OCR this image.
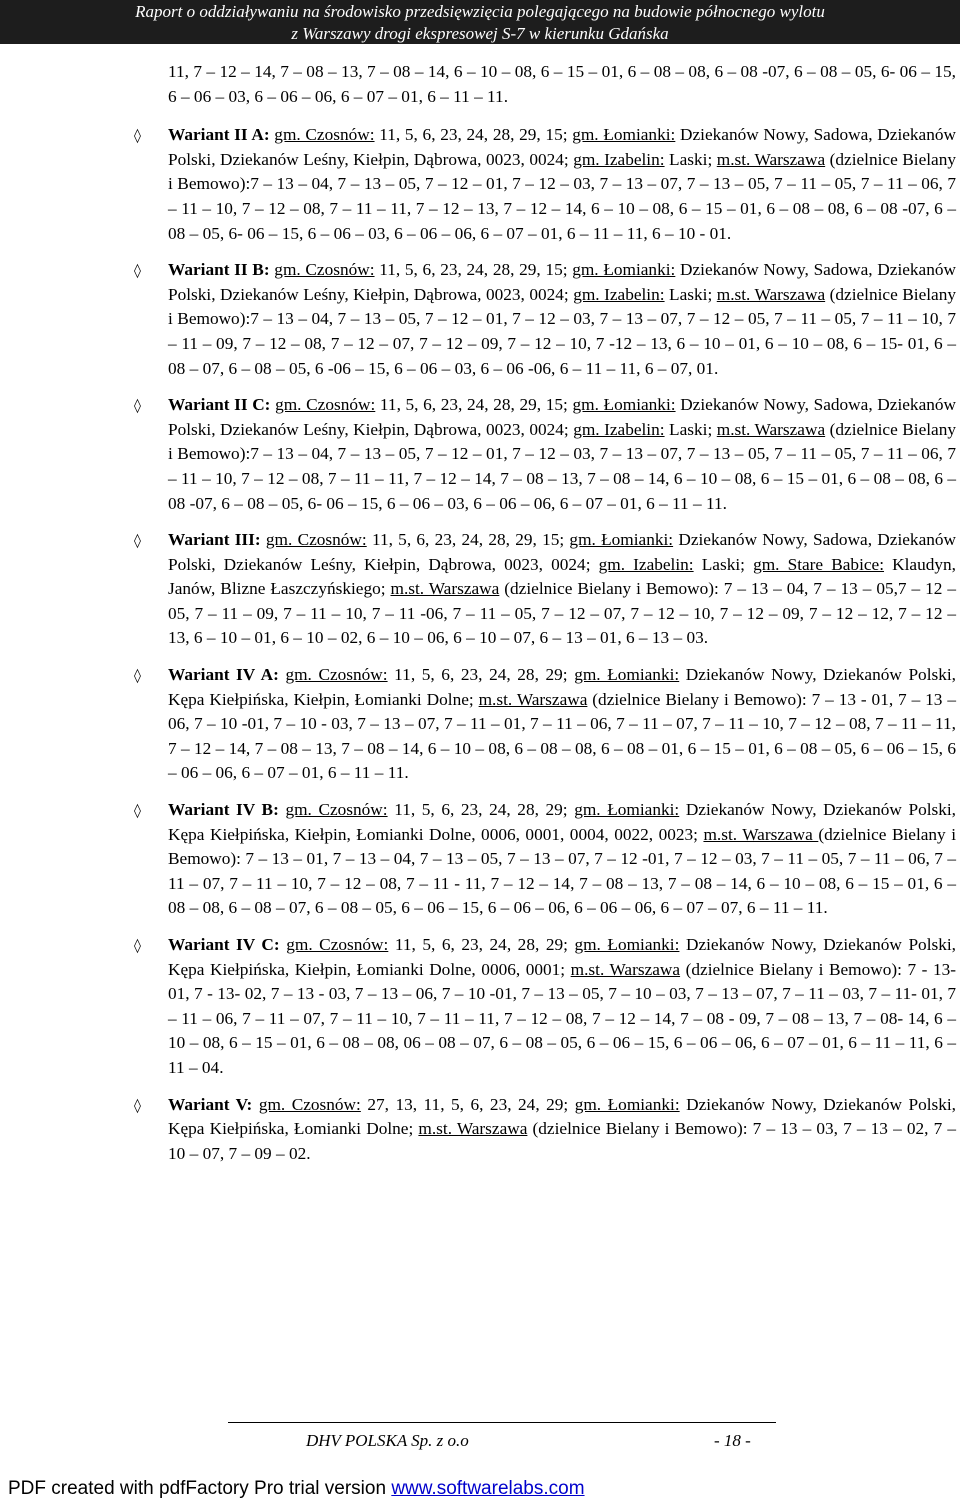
Raport o oddziaływaniu na środowisko przedsięwzięcia polegającego na budowie północnego wylotu
z Warszawy drogi ekspresowej S-7 w kierunku Gdańska

11, 7 – 12 – 14, 7 – 08 – 13, 7 – 08 – 14, 6 – 10 – 08, 6 – 15 – 01, 6 – 08 – 08, 6 – 08 -07, 6 – 08 – 05, 6- 06 – 15, 6 – 06 – 03, 6 – 06 – 06, 6 – 07 – 01, 6 – 11 – 11.

◊ Wariant II A: gm. Czosnów: 11, 5, 6, 23, 24, 28, 29, 15; gm. Łomianki: Dziekanów Nowy, Sadowa, Dziekanów Polski, Dziekanów Leśny, Kiełpin, Dąbrowa, 0023, 0024; gm. Izabelin: Laski; m.st. Warszawa (dzielnice Bielany i Bemowo):7 – 13 – 04, 7 – 13 – 05, 7 – 12 – 01, 7 – 12 – 03, 7 – 13 – 07, 7 – 13 – 05, 7 – 11 – 05, 7 – 11 – 06, 7 – 11 – 10, 7 – 12 – 08, 7 – 11 – 11, 7 – 12 – 13, 7 – 12 – 14, 6 – 10 – 08, 6 – 15 – 01, 6 – 08 – 08, 6 – 08 -07, 6 – 08 – 05, 6- 06 – 15, 6 – 06 – 03, 6 – 06 – 06, 6 – 07 – 01, 6 – 11 – 11, 6 – 10 - 01.

◊ Wariant II B: gm. Czosnów: 11, 5, 6, 23, 24, 28, 29, 15; gm. Łomianki: Dziekanów Nowy, Sadowa, Dziekanów Polski, Dziekanów Leśny, Kiełpin, Dąbrowa, 0023, 0024; gm. Izabelin: Laski; m.st. Warszawa (dzielnice Bielany i Bemowo):7 – 13 – 04, 7 – 13 – 05, 7 – 12 – 01, 7 – 12 – 03, 7 – 13 – 07, 7 – 12 – 05, 7 – 11 – 05, 7 – 11 – 10, 7 – 11 – 09, 7 – 12 – 08, 7 – 12 – 07, 7 – 12 – 09, 7 – 12 – 10, 7 -12 – 13, 6 – 10 – 01, 6 – 10 – 08, 6 – 15- 01, 6 – 08 – 07, 6 – 08 – 05, 6 -06 – 15, 6 – 06 – 03, 6 – 06 -06, 6 – 11 – 11, 6 – 07, 01.

◊ Wariant II C: gm. Czosnów: 11, 5, 6, 23, 24, 28, 29, 15; gm. Łomianki: Dziekanów Nowy, Sadowa, Dziekanów Polski, Dziekanów Leśny, Kiełpin, Dąbrowa, 0023, 0024; gm. Izabelin: Laski; m.st. Warszawa (dzielnice Bielany i Bemowo):7 – 13 – 04, 7 – 13 – 05, 7 – 12 – 01, 7 – 12 – 03, 7 – 13 – 07, 7 – 13 – 05, 7 – 11 – 05, 7 – 11 – 06, 7 – 11 – 10, 7 – 12 – 08, 7 – 11 – 11, 7 – 12 – 14, 7 – 08 – 13, 7 – 08 – 14, 6 – 10 – 08, 6 – 15 – 01, 6 – 08 – 08, 6 – 08 -07, 6 – 08 – 05, 6- 06 – 15, 6 – 06 – 03, 6 – 06 – 06, 6 – 07 – 01, 6 – 11 – 11.

◊ Wariant III: gm. Czosnów: 11, 5, 6, 23, 24, 28, 29, 15; gm. Łomianki: Dziekanów Nowy, Sadowa, Dziekanów Polski, Dziekanów Leśny, Kiełpin, Dąbrowa, 0023, 0024; gm. Izabelin: Laski; gm. Stare Babice: Klaudyn, Janów, Blizne Łaszczyńskiego; m.st. Warszawa (dzielnice Bielany i Bemowo): 7 – 13 – 04, 7 – 13 – 05,7 – 12 – 05, 7 – 11 – 09, 7 – 11 – 10, 7 – 11 -06, 7 – 11 – 05, 7 – 12 – 07, 7 – 12 – 10, 7 – 12 – 09, 7 – 12 – 12, 7 – 12 – 13, 6 – 10 – 01, 6 – 10 – 02, 6 – 10 – 06, 6 – 10 – 07, 6 – 13 – 01, 6 – 13 – 03.

◊ Wariant IV A: gm. Czosnów: 11, 5, 6, 23, 24, 28, 29; gm. Łomianki: Dziekanów Nowy, Dziekanów Polski, Kępa Kiełpińska, Kiełpin, Łomianki Dolne; m.st. Warszawa (dzielnice Bielany i Bemowo): 7 – 13 - 01, 7 – 13 – 06, 7 – 10 -01, 7 – 10 - 03, 7 – 13 – 07, 7 – 11 – 01, 7 – 11 – 06, 7 – 11 – 07, 7 – 11 – 10, 7 – 12 – 08, 7 – 11 – 11, 7 – 12 – 14, 7 – 08 – 13, 7 – 08 – 14, 6 – 10 – 08, 6 – 08 – 08, 6 – 08 – 01, 6 – 15 – 01, 6 – 08 – 05, 6 – 06 – 15, 6 – 06 – 06, 6 – 07 – 01, 6 – 11 – 11.

◊ Wariant IV B: gm. Czosnów: 11, 5, 6, 23, 24, 28, 29; gm. Łomianki: Dziekanów Nowy, Dziekanów Polski, Kępa Kiełpińska, Kiełpin, Łomianki Dolne, 0006, 0001, 0004, 0022, 0023; m.st. Warszawa (dzielnice Bielany i Bemowo): 7 – 13 – 01, 7 – 13 – 04, 7 – 13 – 05, 7 – 13 – 07, 7 – 12 -01, 7 – 12 – 03, 7 – 11 – 05, 7 – 11 – 06, 7 – 11 – 07, 7 – 11 – 10, 7 – 12 – 08, 7 – 11 - 11, 7 – 12 – 14, 7 – 08 – 13, 7 – 08 – 14, 6 – 10 – 08, 6 – 15 – 01, 6 – 08 – 08, 6 – 08 – 07, 6 – 08 – 05, 6 – 06 – 15, 6 – 06 – 06, 6 – 06 – 06, 6 – 07 – 07, 6 – 11 – 11.

◊ Wariant IV C: gm. Czosnów: 11, 5, 6, 23, 24, 28, 29; gm. Łomianki: Dziekanów Nowy, Dziekanów Polski, Kępa Kiełpińska, Kiełpin, Łomianki Dolne, 0006, 0001; m.st. Warszawa (dzielnice Bielany i Bemowo): 7 - 13- 01, 7 - 13- 02, 7 – 13 - 03, 7 – 13 – 06, 7 – 10 -01, 7 – 13 – 05, 7 – 10 – 03, 7 – 13 – 07, 7 – 11 – 03, 7 – 11- 01, 7 – 11 – 06, 7 – 11 – 07, 7 – 11 – 10, 7 – 11 – 11, 7 – 12 – 08, 7 – 12 – 14, 7 – 08 - 09, 7 – 08 – 13, 7 – 08- 14, 6 – 10 – 08, 6 – 15 – 01, 6 – 08 – 08, 06 – 08 – 07, 6 – 08 – 05, 6 – 06 – 15, 6 – 06 – 06, 6 – 07 – 01, 6 – 11 – 11, 6 – 11 – 04.

◊ Wariant V: gm. Czosnów: 27, 13, 11, 5, 6, 23, 24, 29; gm. Łomianki: Dziekanów Nowy, Dziekanów Polski, Kępa Kiełpińska, Łomianki Dolne; m.st. Warszawa (dzielnice Bielany i Bemowo): 7 – 13 – 03, 7 – 13 – 02, 7 – 10 – 07, 7 – 09 – 02.

DHV POLSKA Sp. z o.o	- 18 -
PDF created with pdfFactory Pro trial version www.softwarelabs.com
